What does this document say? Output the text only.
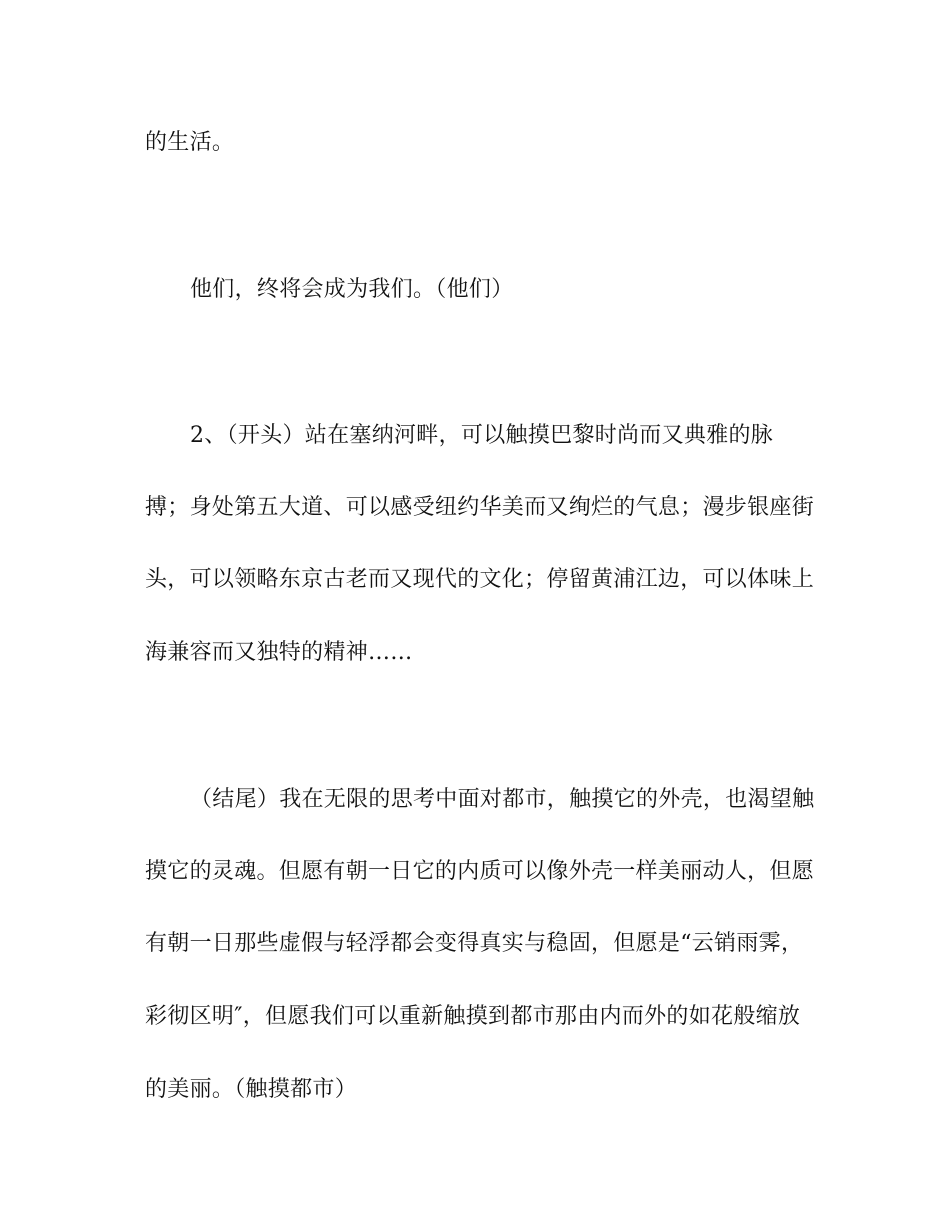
的生活。
他们，终将会成为我们。（他们）
2、（开头）站在塞纳河畔，可以触摸巴黎时尚而又典雅的脉
搏；身处第五大道、可以感受纽约华美而又绚烂的气息；漫步银座街
头，可以领略东京古老而又现代的文化；停留黄浦江边，可以体味上
海兼容而又独特的精神……
（结尾）我在无限的思考中面对都市，触摸它的外壳，也渴望触
摸它的灵魂。但愿有朝一日它的内质可以像外壳一样美丽动人，但愿
有朝一日那些虚假与轻浮都会变得真实与稳固，但愿是“云销雨霁，
彩彻区明″，但愿我们可以重新触摸到都市那由内而外的如花般缩放
的美丽。（触摸都市）
